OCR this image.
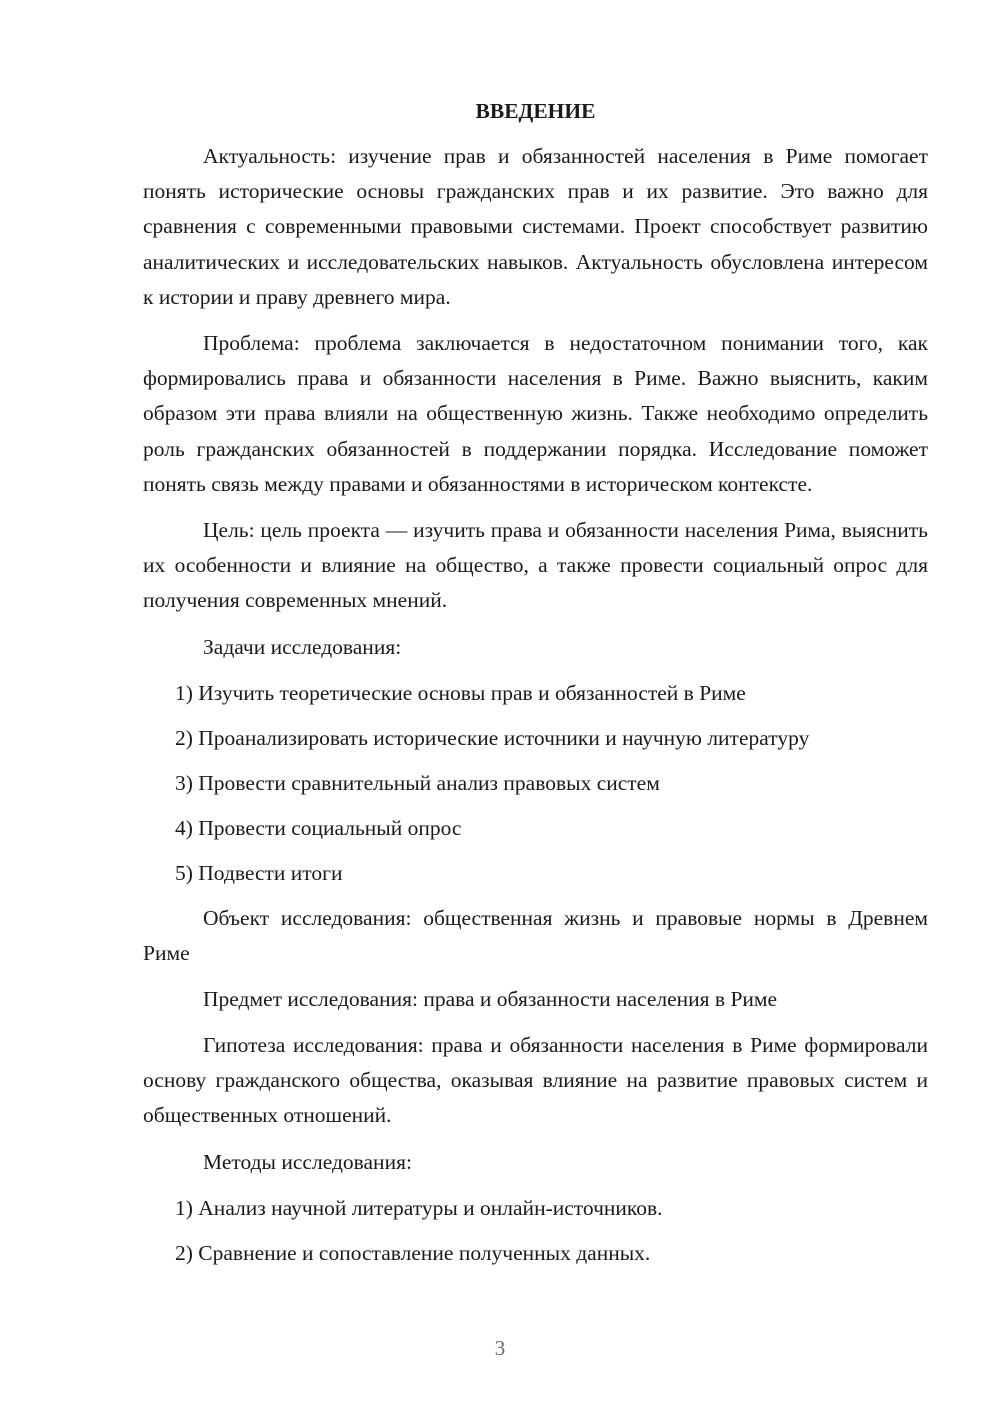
ВВЕДЕНИЕ

Актуальность: изучение прав и обязанностей населения в Риме помогает понять исторические основы гражданских прав и их развитие. Это важно для сравнения с современными правовыми системами. Проект способствует развитию аналитических и исследовательских навыков. Актуальность обусловлена интересом к истории и праву древнего мира.

Проблема: проблема заключается в недостаточном понимании того, как формировались права и обязанности населения в Риме. Важно выяснить, каким образом эти права влияли на общественную жизнь. Также необходимо определить роль гражданских обязанностей в поддержании порядка. Исследование поможет понять связь между правами и обязанностями в историческом контексте.

Цель: цель проекта — изучить права и обязанности населения Рима, выяснить их особенности и влияние на общество, а также провести социальный опрос для получения современных мнений.

Задачи исследования:
1) Изучить теоретические основы прав и обязанностей в Риме
2) Проанализировать исторические источники и научную литературу
3) Провести сравнительный анализ правовых систем
4) Провести социальный опрос
5) Подвести итоги

Объект исследования: общественная жизнь и правовые нормы в Древнем Риме

Предмет исследования: права и обязанности населения в Риме

Гипотеза исследования: права и обязанности населения в Риме формировали основу гражданского общества, оказывая влияние на развитие правовых систем и общественных отношений.

Методы исследования:
1) Анализ научной литературы и онлайн-источников.
2) Сравнение и сопоставление полученных данных.
3
